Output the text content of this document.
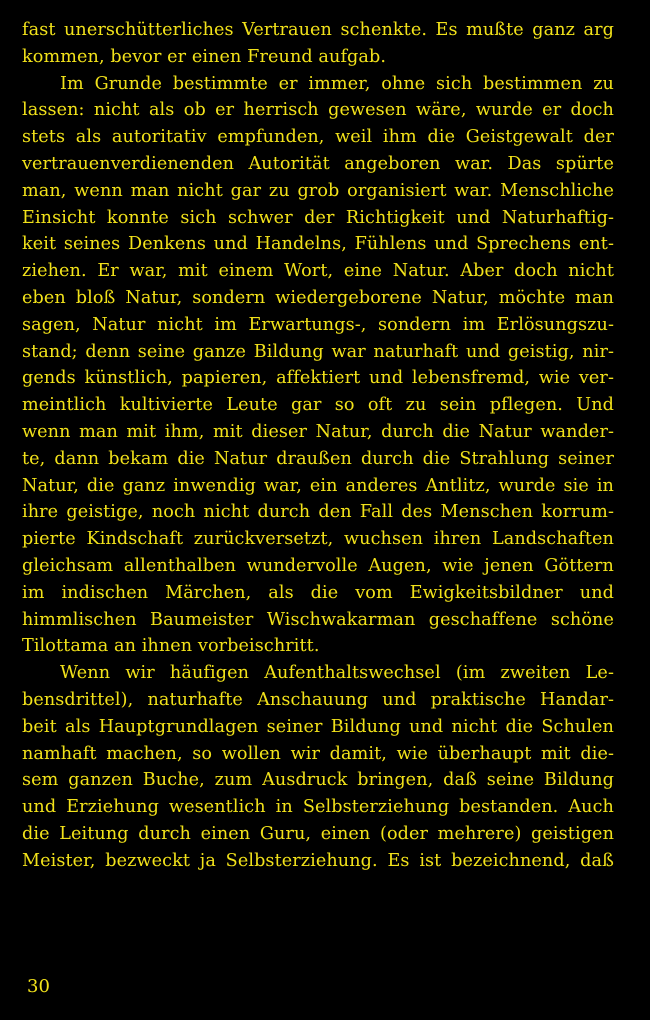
fast unerschütterliches Vertrauen schenkte. Es mußte ganz arg
kommen, bevor er einen Freund aufgab.
Im Grunde bestimmte er immer, ohne sich bestimmen zu
lassen: nicht als ob er herrisch gewesen wäre, wurde er doch
stets als autoritativ empfunden, weil ihm die Geistgewalt der
vertrauenverdienenden Autorität angeboren war. Das spürte
man, wenn man nicht gar zu grob organisiert war. Menschliche
Einsicht konnte sich schwer der Richtigkeit und Naturhaftig-
keit seines Denkens und Handelns, Fühlens und Sprechens ent-
ziehen. Er war, mit einem Wort, eine Natur. Aber doch nicht
eben bloß Natur, sondern wiedergeborene Natur, möchte man
sagen, Natur nicht im Erwartungs-, sondern im Erlösungszu-
stand; denn seine ganze Bildung war naturhaft und geistig, nir-
gends künstlich, papieren, affektiert und lebensfremd, wie ver-
meintlich kultivierte Leute gar so oft zu sein pflegen. Und
wenn man mit ihm, mit dieser Natur, durch die Natur wander-
te, dann bekam die Natur draußen durch die Strahlung seiner
Natur, die ganz inwendig war, ein anderes Antlitz, wurde sie in
ihre geistige, noch nicht durch den Fall des Menschen korrum-
pierte Kindschaft zurückversetzt, wuchsen ihren Landschaften
gleichsam allenthalben wundervolle Augen, wie jenen Göttern
im indischen Märchen, als die vom Ewigkeitsbildner und
himmlischen Baumeister Wischwakarman geschaffene schöne
Tilottama an ihnen vorbeischritt.
Wenn wir häufigen Aufenthaltswechsel (im zweiten Le-
bensdrittel), naturhafte Anschauung und praktische Handar-
beit als Hauptgrundlagen seiner Bildung und nicht die Schulen
namhaft machen, so wollen wir damit, wie überhaupt mit die-
sem ganzen Buche, zum Ausdruck bringen, daß seine Bildung
und Erziehung wesentlich in Selbsterziehung bestanden. Auch
die Leitung durch einen Guru, einen (oder mehrere) geistigen
Meister, bezweckt ja Selbsterziehung. Es ist bezeichnend, daß
30
